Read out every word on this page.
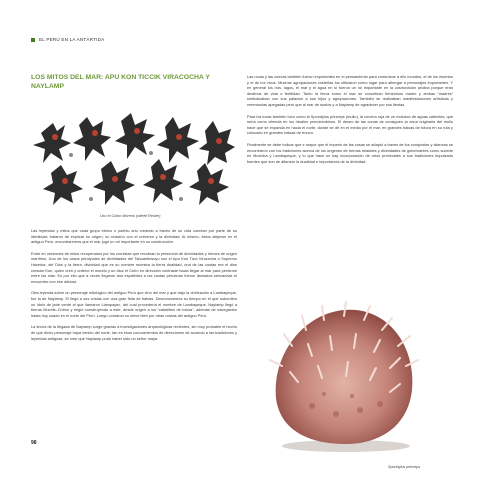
EL PERÚ EN LA ANTÁRTIDA
LOS MITOS DEL MAR: APU KON TICCIK VIRACOCHA Y NAYLAMP
Uso el Cultor Moreno (rafeéli Reuter)

Las leyendas y mitos que cada grupo étnico o pueblo ario creando a través de su vida cuentan por parte de su identidad; trataron de explicar su origen, su relación con el universo y la divinidad. Al mismo, éstos alejaron en el antiguo Perú, encontraremos que el mar jugó un rol importante en su construcción.

Entre en versiones de mitos recuperados por los cronistas que recobran la presencia de divinidades y héroes de origen marítimo. Uno de los casos principales de divinidades del Tahuantinsuyo son el Apu Kon Ticci Viracocha o Supremo Hacedor, del Dios y la tierra, divinidad que es su nombre muestra la tierra dualidad, una de las costas era el dios creador Kon, quien creó y ordenó el mundo y un dioz el Cuiro en dirección contraste hacia llegar al mar para perderse entre las olas. Es por ello que a veces llegaron dos españoles a las costas peruanas fueron llamados sencachas el encuentro con ese deidad.

Otra leyenda sobre un personaje mitológico del antiguo Perú que vino del mar y que trajo la civilización a Lambayeque, fue la de Naylamp. El llegó a sus costas con una gran flota de balsas. Desconocemos su tiempo en el que subordinó un ídolo de jade verde al que llamaron Llampayec, del cual procedería el nombre de Lambayeque. Naylamp llegó a tierras Muchik–Chimú y erigió construyendo a este, desde origen a los “caballitos de totora”, además de navegación hasta hoy usado en el norte del Perú. Luego contaron su nieve bien por otras costas del antiguo Perú.

La teoría de la llegada de Naylamp surge gracias a investigaciones arqueológicas recientes, sin muy probable el hecho de que dicho personaje haya venido del norte, tan es esos conocimientos de direcciones de acuerdo a las tradiciones y leyendas antiguas, se cree que Naylamp pudo haber sido un señor maya.

Las rocas y las cuevas también fueron importantes en el pensamiento para comunicar a ello mundos, el de los muertos y el de los vivos. Muchas agrupaciones costeñas los utilizaron como lugar para albergar a personajes importantes. Y en general los ríos, lagos, el mar y el agua en sí fueron un rol importante en la cosmovisión andina porque eran destinos de vida o fertilidad. Tanto la tierra como el mar se concebían femeninos madre y ambas “madres” simbolizaban con sus palacios a sus hijos y agrupaciones. También se realizaban manifestaciones artísticas y ceremonias apegadas pero que al mar de suelos y a Naylamp de agradecer por sus fiestas.

Para los incas también tuvo como la Spondylus princeps (mullu), la concha roja de un molusco de aguas calientes, que sería como ofrenda en los rituales precolombinos. El deseo de las conas de consiguen la zona originaria del mullu hace que se expanda en hacia el norte, donde se dé en el medio por el mar, en grandes balsas de totora en su ruta y colocado en grandes balsas de tronco.

Finalmente se debe indicar que e mayor que el imperio de las cosas se adaptó a través de los conquistas y alianzas se encontraron con los tradiciones acerca de los orígenes de formas relatales y divinidades de gobernantes como sucede en Mochica y Lambayeque, y lo que hace un hay incorporación de otros próximales a sus tradiciones impulsado fuentes que son de afianzar la dualidad e importancia de la divinidad.

Spondylus princeps
98
